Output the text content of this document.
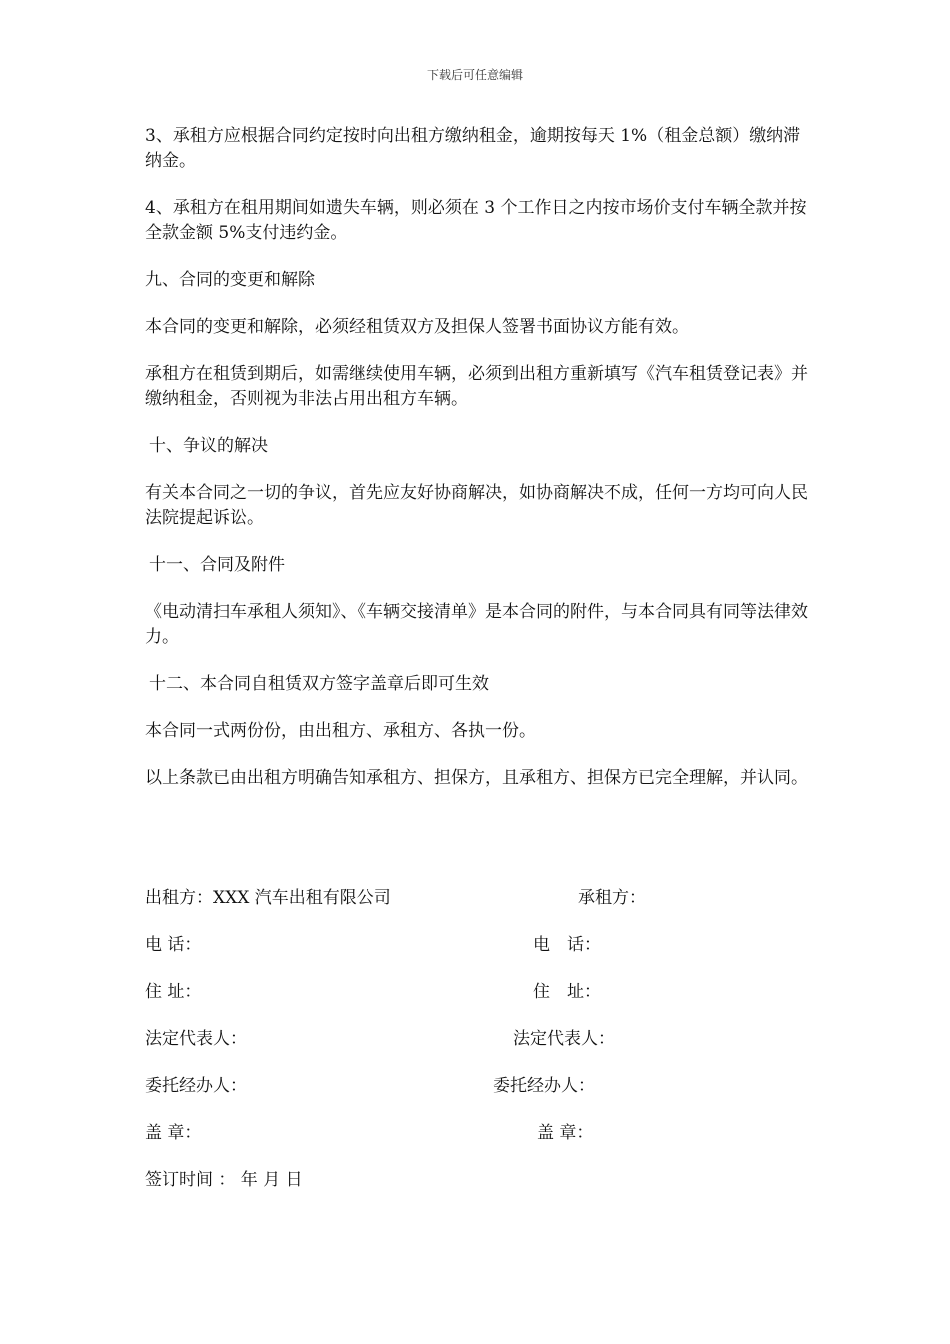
下载后可任意编辑

3、承租方应根据合同约定按时向出租方缴纳租金，逾期按每天 1%（租金总额）缴纳滞纳金。

4、承租方在租用期间如遗失车辆，则必须在 3 个工作日之内按市场价支付车辆全款并按全款金额 5%支付违约金。

九、合同的变更和解除

本合同的变更和解除，必须经租赁双方及担保人签署书面协议方能有效。

承租方在租赁到期后，如需继续使用车辆，必须到出租方重新填写《汽车租赁登记表》并缴纳租金，否则视为非法占用出租方车辆。

十、争议的解决

有关本合同之一切的争议，首先应友好协商解决，如协商解决不成，任何一方均可向人民法院提起诉讼。

十一、合同及附件

《电动清扫车承租人须知》、《车辆交接清单》是本合同的附件，与本合同具有同等法律效力。

十二、本合同自租赁双方签字盖章后即可生效

本合同一式两份份，由出租方、承租方、各执一份。

以上条款已由出租方明确告知承租方、担保方，且承租方、担保方已完全理解，并认同。

出租方：XXX 汽车出租有限公司	承租方：
电 话：	电　话：
住 址：	住　址：
法定代表人：	法定代表人：
委托经办人：	委托经办人：
盖 章：	盖 章：
签订时间 ： 年 月 日
